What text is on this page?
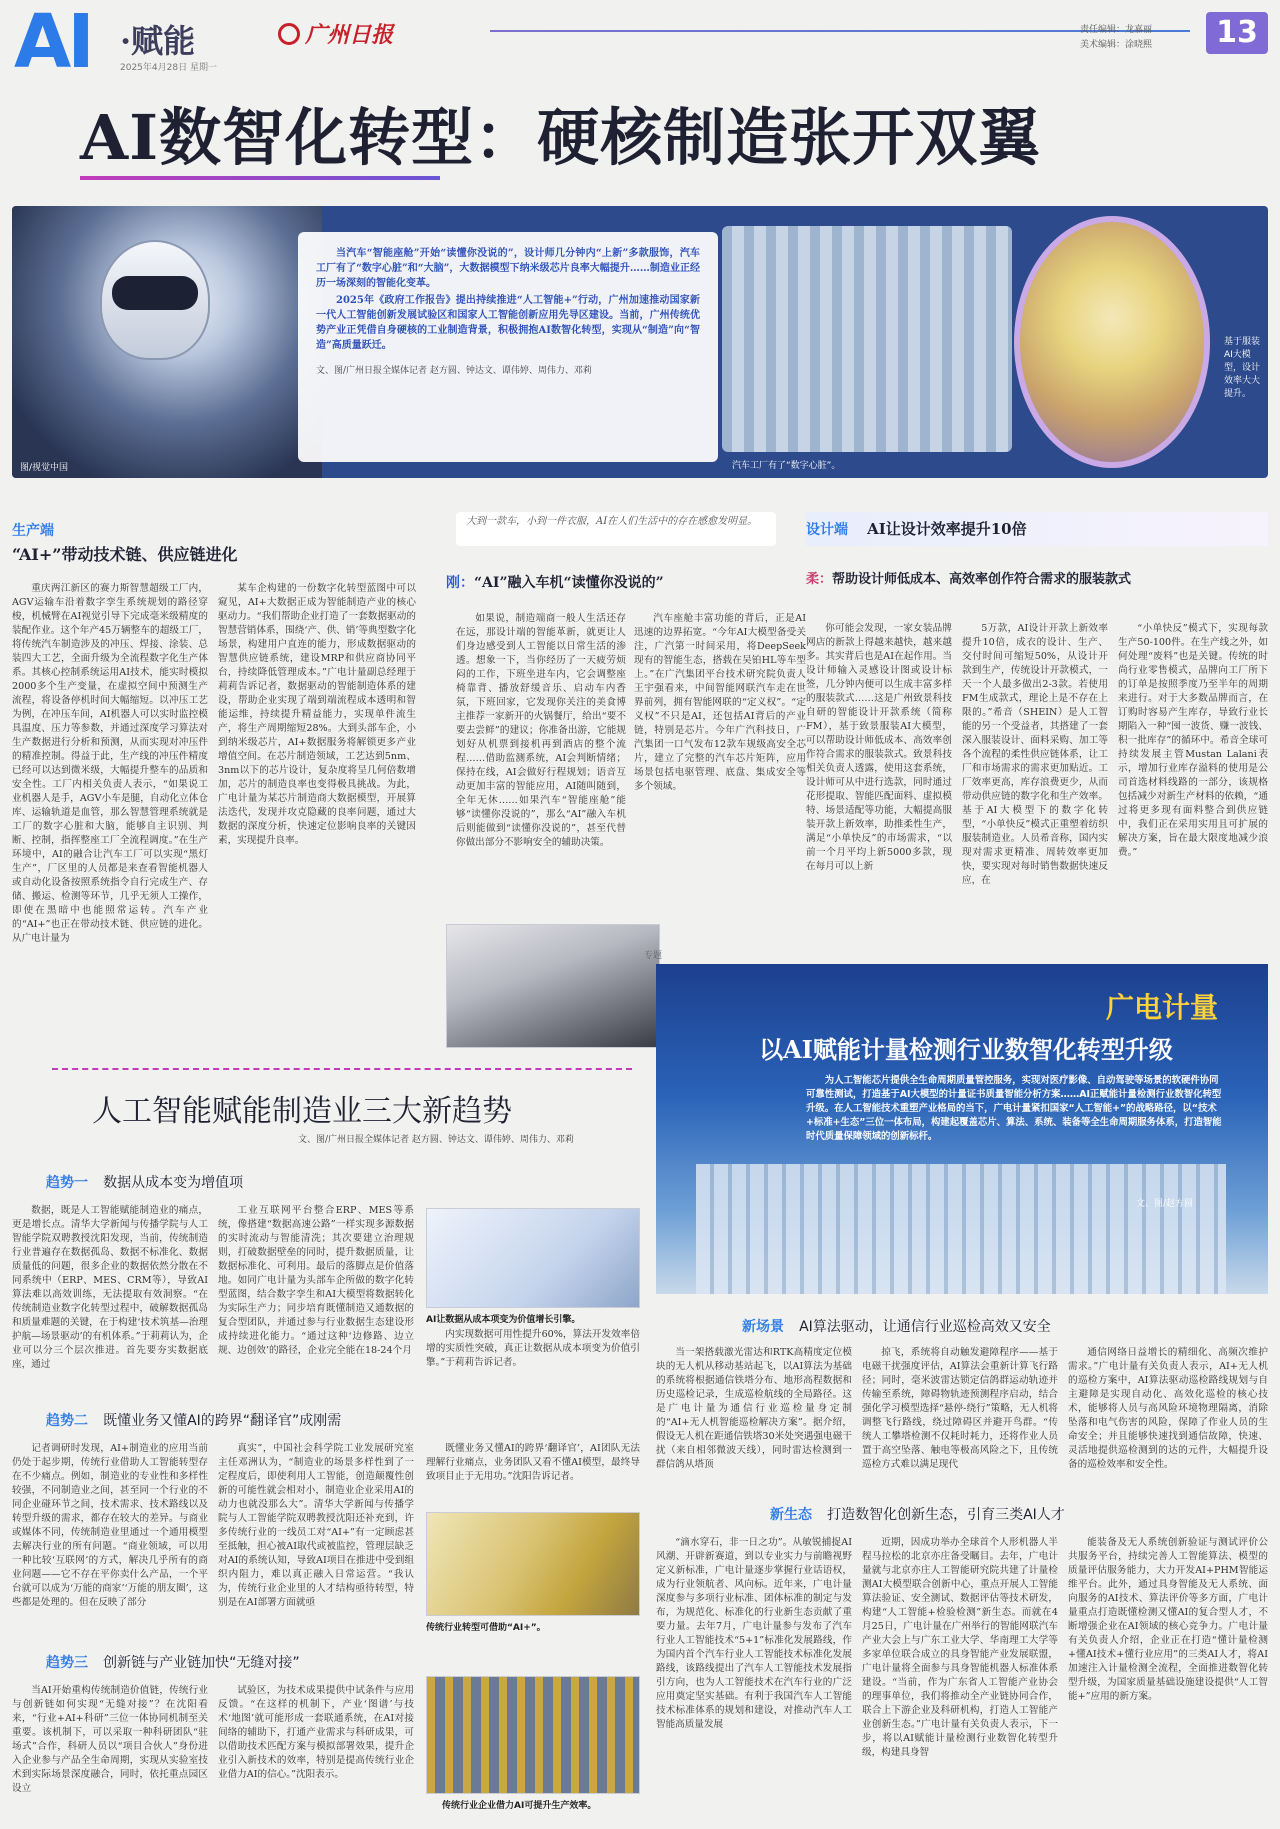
AI ·赋能	广州日报
2025年4月28日 星期一
责任编辑：龙嘉丽
美术编辑：涂晓熙	13
AI数智化转型：硬核制造张开双翼
图/视觉中国

当汽车“智能座舱”开始“读懂你没说的”，设计师几分钟内“上新”多款服饰，汽车工厂有了“数字心脏”和“大脑”，大数据模型下纳米级芯片良率大幅提升……制造业正经历一场深刻的智能化变革。

2025年《政府工作报告》提出持续推进“人工智能+”行动，广州加速推动国家新一代人工智能创新发展试验区和国家人工智能创新应用先导区建设。当前，广州传统优势产业正凭借自身硬核的工业制造背景，积极拥抱AI数智化转型，实现从“制造”向“智造”高质量跃迁。

文、图/广州日报全媒体记者 赵方圆、钟达文、谭伟婷、周伟力、邓莉
汽车工厂有了“数字心脏”。
基于服装AI大模型，设计效率大大提升。
生产端
“AI+”带动技术链、供应链进化
重庆两江新区的赛力斯智慧超级工厂内，AGV运输车沿着数字孪生系统规划的路径穿梭，机械臂在AI视觉引导下完成毫米级精度的装配作业。这个年产45万辆整车的超级工厂，将传统汽车制造涉及的冲压、焊接、涂装、总装四大工艺，全面升级为全流程数字化生产体系。其核心控制系统运用AI技术，能实时模拟2000多个生产变量，在虚拟空间中预测生产流程，将设备停机时间大幅缩短。以冲压工艺为例，在冲压车间，AI机器人可以实时监控模具温度、压力等参数，并通过深度学习算法对生产数据进行分析和预测，从而实现对冲压件的精准控制。得益于此，生产线的冲压件精度已经可以达到微米级，大幅提升整车的品质和安全性。工厂内相关负责人表示，“如果说工业机器人是手，AGV小车是腿，自动化立体仓库、运输轨道是血管，那么智慧管理系统就是工厂的数字心脏和大脑，能够自主识别、判断、控制，指挥整座工厂全流程调度。”在生产环境中，AI的融合让汽车工厂可以实现“黑灯生产”，厂区里的人员都是来查看智能机器人或自动化设备按照系统指令自行完成生产、存储、搬运、检测等环节，几乎无须人工操作，即使在黑暗中也能照常运转。汽车产业的“AI+”也正在带动技术链、供应链的进化。从广电计量为
某车企构建的一份数字化转型蓝图中可以窥见，AI+大数据正成为智能制造产业的核心驱动力。“我们帮助企业打造了一套数据驱动的智慧营销体系，围绕‘产、供、销’等典型数字化场景，构建用户直连的能力，形成数据驱动的智慧供应链系统，建设MRP和供应商协同平台，持续降低管理成本。”广电计量副总经理于莉莉告诉记者，数据驱动的智能制造体系的建设，帮助企业实现了端到端流程成本透明和智能运维，持续提升精益能力，实现单件流生产，将生产周期缩短28%。大到头部车企，小到纳米级芯片，AI+数据服务将解锁更多产业增值空间。在芯片制造领域，工艺达到5nm、3nm以下的芯片设计，复杂度将呈几何倍数增加，芯片的制造良率也变得极具挑战。为此，广电计量为某芯片制造商大数据模型，开展算法迭代，发现并攻克隐藏的良率问题，通过大数据的深度分析，快速定位影响良率的关键因素，实现提升良率。
大到一款车，小到一件衣服，AI在人们生活中的存在感愈发明显。
刚：“AI”融入车机“读懂你没说的”
如果说，制造端商一般人生活还存在远，那设计端的智能革新，就更让人们身边感受到人工智能以日常生活的渗透。想象一下，当你经历了一天疲劳烦闷的工作，下班坐进车内，它会调整座椅靠背、播放舒缓音乐、启动车内香氛，下班回家，它发现你关注的美食博主推荐一家新开的火锅餐厅，给出“要不要去尝鲜”的建议；你准备出游，它能规划好从机票到接机再到酒店的整个流程……借助监测系统，AI会判断情绪；保持在线，AI会做好行程规划；语音互动更加丰富的智能应用，AI随叫随到，全年无休……如果汽车“智能座舱”能够“读懂你没说的”，那么“AI”融入车机后则能做到“读懂你没说的”，甚至代替你做出部分不影响安全的辅助决策。
汽车座舱丰富功能的背后，正是AI迅速的边界拓宽。“今年AI大模型备受关注，广汽第一时间采用，将DeepSeek现有的智能生态，搭载在吴铂HL等车型上。”在广汽集团平台技术研究院负责人王宇强看来，中间智能网联汽车走在世界前列，拥有智能网联的“定义权”。“定义权”不只是AI，还包括AI背后的产业链，特别是芯片。今年广汽科技日，广汽集团一口气发布12款车规级高安全芯片，建立了完整的汽车芯片矩阵，应用场景包括电驱管理、底盘、集成安全等多个领域。
设计端 AI让设计效率提升10倍
柔：帮助设计师低成本、高效率创作符合需求的服装款式
你可能会发现，一家女装品牌网店的新款上得越来越快，越来越多。其实背后也是AI在起作用。当设计师输入灵感设计图或设计标签，几分钟内便可以生成丰富多样的服装款式……这是广州致景科技自研的智能设计开款系统（简称FM），基于致景服装AI大模型，可以帮助设计师低成本、高效率创作符合需求的服装款式。致景科技相关负责人透露，使用这套系统，设计师可从中进行选款，同时通过花形提取、智能匹配面料、虚拟模特、场景适配等功能，大幅提高服装开款上新效率，助推柔性生产，满足“小单快反”的市场需求，“以前一个月平均上新5000多款，现在每月可以上新
5万款，AI设计开款上新效率提升10倍，成衣的设计、生产、交付时间可缩短50%，从设计开款到生产，传统设计开款模式，一天一个人最多做出2-3款。若使用FM生成款式，理论上是不存在上限的。”希音（SHEIN）是人工智能的另一个受益者，其搭建了一套深入服装设计、面料采购、加工等各个流程的柔性供应链体系，让工厂和市场需求的需求更加贴近。工厂效率更高，库存浪费更少，从而带动供应链的数字化和生产效率。基于AI大模型下的数字化转型，“小单快反”模式正重塑着纺织服装制造业。人员希音称，国内实现对需求更精准、周转效率更加快，要实现对每时销售数据快速反应，在
“小单快反”模式下，实现每款生产50-100件。在生产线之外，如何处理“废料”也是关键。传统的时尚行业零售模式，品牌向工厂所下的订单是按照季度乃至半年的周期来进行。对于大多数品牌而言，在订购时容易产生库存，导致行业长期陷入一种“囤一波货、赚一波钱、积一批库存”的循环中。希音全球可持续发展主管Mustan Lalani表示，增加行业库存溢料的使用是公司首选材料线路的一部分，该规格包括减少对新生产材料的依赖，“通过将更多现有面料整合到供应链中，我们正在采用实用且可扩展的解决方案，旨在最大限度地减少浪费。”
专题
人工智能赋能制造业三大新趋势
文、图/广州日报全媒体记者 赵方圆、钟达文、谭伟婷、周伟力、邓莉
趋势一 数据从成本变为增值项
数据，既是人工智能赋能制造业的痛点，更是增长点。清华大学新闻与传播学院与人工智能学院双聘教授沈阳发现，当前，传统制造行业普遍存在数据孤岛、数据不标准化、数据质量低的问题，很多企业的数据依然分散在不同系统中（ERP、MES、CRM等），导致AI算法难以高效训练，无法提取有效洞察。“在传统制造业数字化转型过程中，破解数据孤岛和质量难题的关键，在于构建‘技术筑基—治理护航—场景驱动’的有机体系。”于莉莉认为，企业可以分三个层次推进。首先要夯实数据底座，通过
工业互联网平台整合ERP、MES等系统，像搭建“数据高速公路”一样实现多源数据的实时流动与智能清洗；其次要建立治理规则，打破数据壁垒的同时，提升数据质量，让数据标准化、可利用。最后的落脚点是价值落地。如同广电计量为头部车企所做的数字化转型蓝图，结合数字孪生和AI大模型将数据转化为实际生产力；同步培育既懂制造又通数据的复合型团队，并通过参与行业数据生态建设形成持续进化能力。“通过这种‘边修路、边立规、边创效’的路径，企业完全能在18-24个月
AI让数据从成本项变为价值增长引擎。
内实现数据可用性提升60%，算法开发效率倍增的实质性突破，真正让数据从成本项变为价值引擎。”于莉莉告诉记者。
趋势二 既懂业务又懂AI的跨界“翻译官”成刚需
记者调研时发现，AI+制造业的应用当前仍处于起步期，传统行业借助人工智能转型存在不少痛点。例如，制造业的专业性和多样性较强，不同制造业之间，甚至同一个行业的不同企业碰环节之间，技术需求、技术路线以及转型升级的需求，都存在较大的差异。与商业或媒体不同，传统制造业里通过一个通用模型去解决行业的所有问题。“商业领域，可以用一种比较‘互联网’的方式，解决几乎所有的商业问题——它不存在平你卖什么产品，一个平台就可以成为‘万能的商家’‘万能的朋友圈’，这些都是处理的。但在反映了部分
真实”，中国社会科学院工业发展研究室主任邓洲认为，“制造业的场景多样性到了一定程度后，即使利用人工智能，创造颠覆性创新的可能性就会相对小，制造业企业采用AI的动力也就没那么大”。清华大学新闻与传播学院与人工智能学院双聘教授沈阳还补充到，许多传统行业的一线员工对“AI+”有一定顾虑甚至抵触，担心被AI取代或被监控，管理层缺乏对AI的系统认知，导致AI项目在推进中受到组织内阻力，难以真正融入日常运营。“我认为，传统行业企业里的人才结构亟待转型，特别是在AI部署方面就亟
既懂业务又懂AI的跨界‘翻译官’，AI团队无法理解行业痛点，业务团队又看不懂AI模型，最终导致项目止于无用功。”沈阳告诉记者。
传统行业转型可借助“AI+”。
趋势三 创新链与产业链加快“无缝对接”
当AI开始重构传统制造价值链，传统行业与创新链如何实现“无缝对接”？在沈阳看来，“行业+AI+科研”三位一体协同机制至关重要。该机制下，可以采取一种科研团队“驻场式”合作，科研人员以“项目合伙人”身份进入企业参与产品全生命周期，实现从实验室技术到实际场景深度融合，同时，依托重点园区设立
试验区，为技术成果提供中试条件与应用反馈。“在这样的机制下，产业‘图谱’与技术‘地图’就可能形成一套联通系统，在AI对接间络的辅助下，打通产业需求与科研成果，可以借助技术匹配方案与模拟部署效果，提升企业引入新技术的效率，特别是提高传统行业企业借力AI的信心。”沈阳表示。
传统行业企业借力AI可提升生产效率。
广电计量
以AI赋能计量检测行业数智化转型升级
为人工智能芯片提供全生命周期质量管控服务，实现对医疗影像、自动驾驶等场景的软硬件协同可靠性测试，打造基于AI大模型的计量证书质量智能分析方案……AI正赋能计量检测行业数智化转型升级。在人工智能技术重塑产业格局的当下，广电计量紧扣国家“人工智能+”的战略路径，以“技术+标准+生态”三位一体布局，构建起覆盖芯片、算法、系统、装备等全生命周期服务体系，打造智能时代质量保障领域的创新标杆。
文、图/赵方圆
新场景 AI算法驱动，让通信行业巡检高效又安全
当一架搭载激光雷达和RTK高精度定位模块的无人机从移动基站起飞，以AI算法为基础的系统将根据通信铁塔分布、地形高程数据和历史巡检记录，生成巡检航线的全局路径。这是广电计量为通信行业巡检量身定制的“AI+无人机智能巡检解决方案”。据介绍，假设无人机在距通信铁塔30米处突遇强电磁干扰（来自相邻微波天线），同时雷达检测到一群信鸽从塔顶
掠飞，系统将自动触发避障程序——基于电磁干扰强度评估，AI算法会重新计算飞行路径；同时，毫米波雷达锁定信鸽群运动轨迹并传输至系统，障碍物轨迹预测程序启动，结合强化学习模型选择“悬停-绕行”策略，无人机将调整飞行路线，绕过障碍区并避开鸟群。“传统人工攀塔检测不仅耗时耗力，还将作业人员置于高空坠落、触电等极高风险之下，且传统巡检方式难以满足现代
通信网络日益增长的精细化、高频次维护需求。”广电计量有关负责人表示，AI+无人机的巡检方案中，AI算法驱动巡检路线规划与自主避障是实现自动化、高效化巡检的核心技术，能够将人员与高风险环境物理隔离，消除坠落和电气伤害的风险，保障了作业人员的生命安全；并且能够快速找到通信故障，快速、灵活地提供巡检测到的达的元件，大幅提升设备的巡检效率和安全性。
新生态 打造数智化创新生态，引育三类AI人才
“滴水穿石，非一日之功”。从敏锐捕捉AI风潮、开辟新赛道，到以专业实力与前瞻视野定义新标准，广电计量逐步掌握行业话语权，成为行业领航者、风向标。近年来，广电计量深度参与多项行业标准、团体标准的制定与发布，为规范化、标准化的行业新生态贡献了重要力量。去年7月，广电计量参与发布了汽车行业人工智能技术“5+1”标准化发展路线，作为国内首个汽车行业人工智能技术标准化发展路线，该路线提出了汽车人工智能技术发展指引方向，也为人工智能技术在汽车行业的广泛应用奠定坚实基础。有利于我国汽车人工智能技术标准体系的规划和建设，对推动汽车人工智能高质量发展
近期，因成功举办全球首个人形机器人半程马拉松的北京亦庄备受瞩目。去年，广电计量就与北京亦庄人工智能研究院共建了计量检测AI大模型联合创新中心，重点开展人工智能算法验证、安全测试、数据评估等技术研发，构建“人工智能+检验检测”新生态。而就在4月25日，广电计量在广州举行的智能网联汽车产业大会上与广东工业大学、华南理工大学等多家单位联合成立的具身智能产业发展联盟，广电计量将全面参与具身智能机器人标准体系建设。“当前，作为广东省人工智能产业协会的理事单位，我们将推动全产业链协同合作，联合上下游企业及科研机构，打造人工智能产业创新生态。”广电计量有关负责人表示，下一步，将以AI赋能计量检测行业数智化转型升级，构建具身智
能装备及无人系统创新验证与测试评价公共服务平台，持续完善人工智能算法、模型的质量评估服务能力，大力开发AI+PHM智能运维平台。此外，通过具身智能及无人系统、面向服务的AI技术、算法评价等多方面，广电计量重点打造既懂检测又懂AI的复合型人才，不断增强企业在AI领域的核心竞争力。广电计量有关负责人介绍，企业正在打造“懂计量检测+懂AI技术+懂行业应用”的三类AI人才，将AI加速注入计量检测全流程，全面推进数智化转型升级，为国家质量基础设施建设提供“人工智能+”应用的新方案。
